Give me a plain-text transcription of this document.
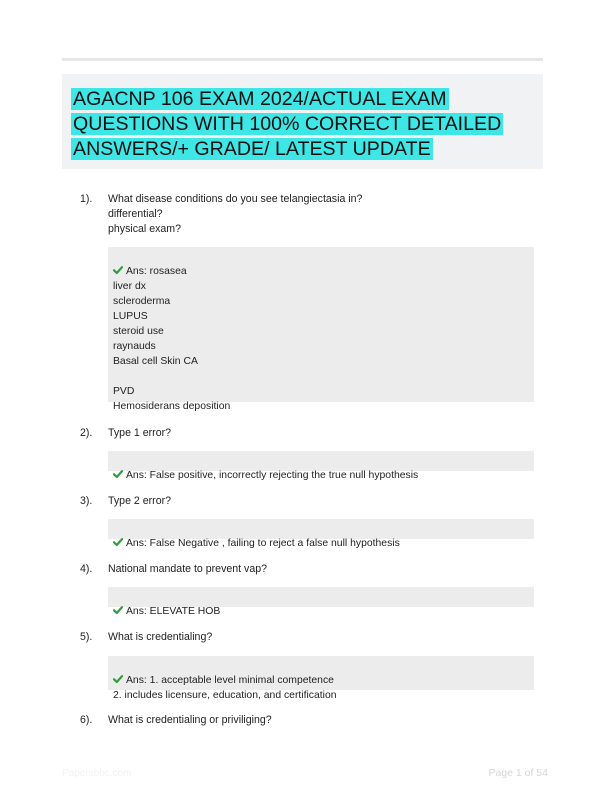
AGACNP 106 EXAM 2024/ACTUAL EXAM QUESTIONS WITH 100% CORRECT DETAILED ANSWERS/+ GRADE/ LATEST UPDATE
1).	What disease conditions do you see telangiectasia in?
differential?
physical exam?

Ans: rosasea
liver dx
scleroderma
LUPUS
steroid use
raynauds
Basal cell Skin CA

PVD
Hemosiderans deposition

2).	Type 1 error?

Ans: False positive, incorrectly rejecting the true null hypothesis

3).	Type 2 error?

Ans: False Negative , failing to reject a false null hypothesis

4).	National mandate to prevent vap?

Ans: ELEVATE HOB

5).	What is credentialing?

Ans: 1. acceptable level minimal competence
2. includes licensure, education, and certification

6).	What is credentialing or priviliging?
Papersbbc.com	Page 1 of 54
